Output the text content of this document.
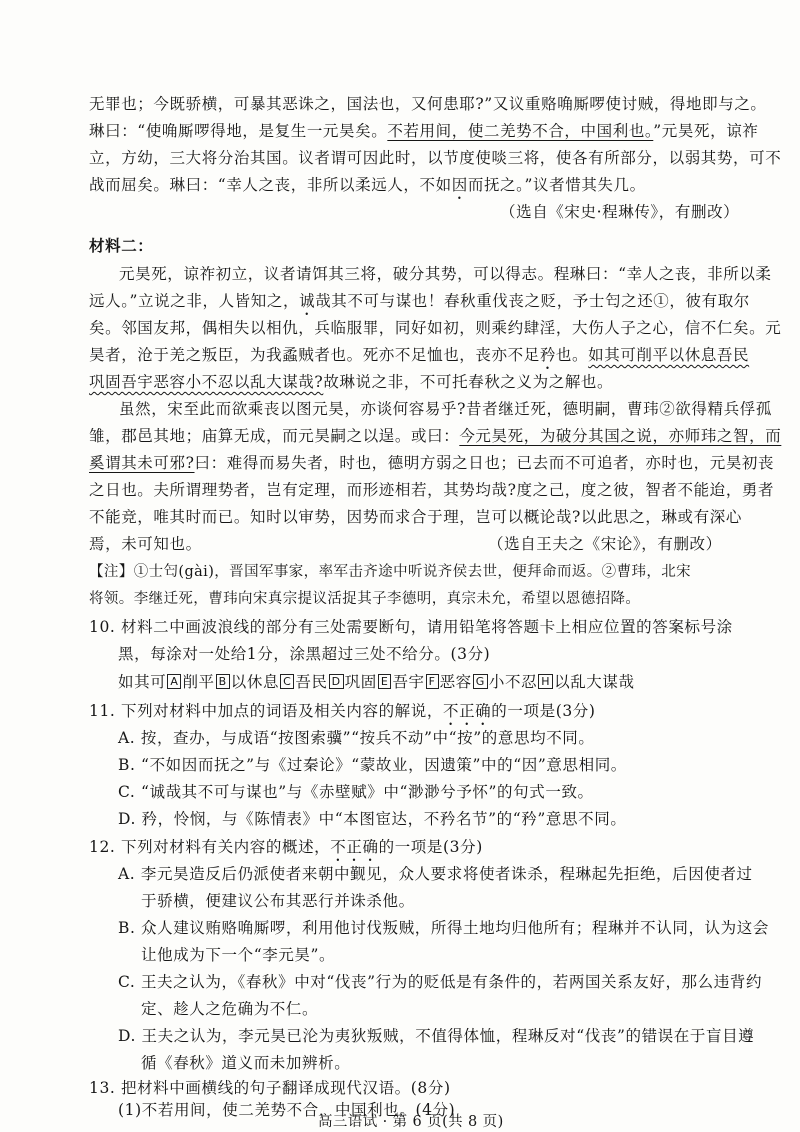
无罪也；今既骄横，可暴其恶诛之，国法也，又何患耶?”又议重赂唃厮啰使讨贼，得地即与之。
琳曰：“使唃厮啰得地，是复生一元昊矣。不若用间，使二羌势不合，中国利也。”元昊死，谅祚
立，方幼，三大将分治其国。议者谓可因此时，以节度使啖三将，使各有所部分，以弱其势，可不
战而屈矣。琳曰：“幸人之丧，非所以柔远人，不如因而抚之。”议者惜其失几。
（选自《宋史·程琳传》，有删改）
材料二：
元昊死，谅祚初立，议者请饵其三将，破分其势，可以得志。程琳曰：“幸人之丧，非所以柔
远人。”立说之非，人皆知之，诚哉其不可与谋也！春秋重伐丧之贬，予士匄之还①，彼有取尔
矣。邻国友邦，偶相失以相仇，兵临服罪，同好如初，则乘约肆淫，大伤人子之心，信不仁矣。元
昊者，沧于羌之叛臣，为我蟊贼者也。死亦不足恤也，丧亦不足矜也。如其可削平以休息吾民
巩固吾宇恶容小不忍以乱大谋哉?故琳说之非，不可托春秋之义为之解也。
虽然，宋至此而欲乘丧以图元昊，亦谈何容易乎?昔者继迁死，德明嗣，曹玮②欲得精兵俘孤
雏，郡邑其地；庙算无成，而元昊嗣之以逞。或曰：今元昊死，为破分其国之说，亦师玮之智，而
奚谓其未可邪?曰：难得而易失者，时也，德明方弱之日也；已去而不可追者，亦时也，元昊初丧
之日也。夫所谓理势者，岂有定理，而形迹相若，其势均哉?度之己，度之彼，智者不能迨，勇者
不能竞，唯其时而已。知时以审势，因势而求合于理，岂可以概论哉?以此思之，琳或有深心
焉，未可知也。	（选自王夫之《宋论》，有删改）
【注】①士匄(gài)，晋国军事家，率军击齐途中听说齐侯去世，便拜命而返。②曹玮，北宋
将领。李继迁死，曹玮向宋真宗提议活捉其子李德明，真宗未允，希望以恩德招降。
10. 材料二中画波浪线的部分有三处需要断句，请用铅笔将答题卡上相应位置的答案标号涂
黑，每涂对一处给1分，涂黑超过三处不给分。(3分)
如其可 A 削平 B 以休息 C 吾民 D 巩固 E 吾宇 F 恶容 G 小不忍 H 以乱大谋哉
11. 下列对材料中加点的词语及相关内容的解说，不正确的一项是(3分)
A. 按，查办，与成语“按图索骥”“按兵不动”中“按”的意思均不同。
B. “不如因而抚之”与《过秦论》“蒙故业，因遗策”中的“因”意思相同。
C. “诚哉其不可与谋也”与《赤壁赋》中“渺渺兮予怀”的句式一致。
D. 矜，怜悯，与《陈情表》中“本图宦达，不矜名节”的“矜”意思不同。
12. 下列对材料有关内容的概述，不正确的一项是(3分)
A. 李元昊造反后仍派使者来朝中觐见，众人要求将使者诛杀，程琳起先拒绝，后因使者过
于骄横，便建议公布其恶行并诛杀他。
B. 众人建议贿赂唃厮啰，利用他讨伐叛贼，所得土地均归他所有；程琳并不认同，认为这会
让他成为下一个“李元昊”。
C. 王夫之认为，《春秋》中对“伐丧”行为的贬低是有条件的，若两国关系友好，那么违背约
定、趁人之危确为不仁。
D. 王夫之认为，李元昊已沦为夷狄叛贼，不值得体恤，程琳反对“伐丧”的错误在于盲目遵
循《春秋》道义而未加辨析。
13. 把材料中画横线的句子翻译成现代汉语。(8分)
(1)不若用间，使二羌势不合，中国利也。(4分)
高三语试 · 第 6 页(共 8 页)
